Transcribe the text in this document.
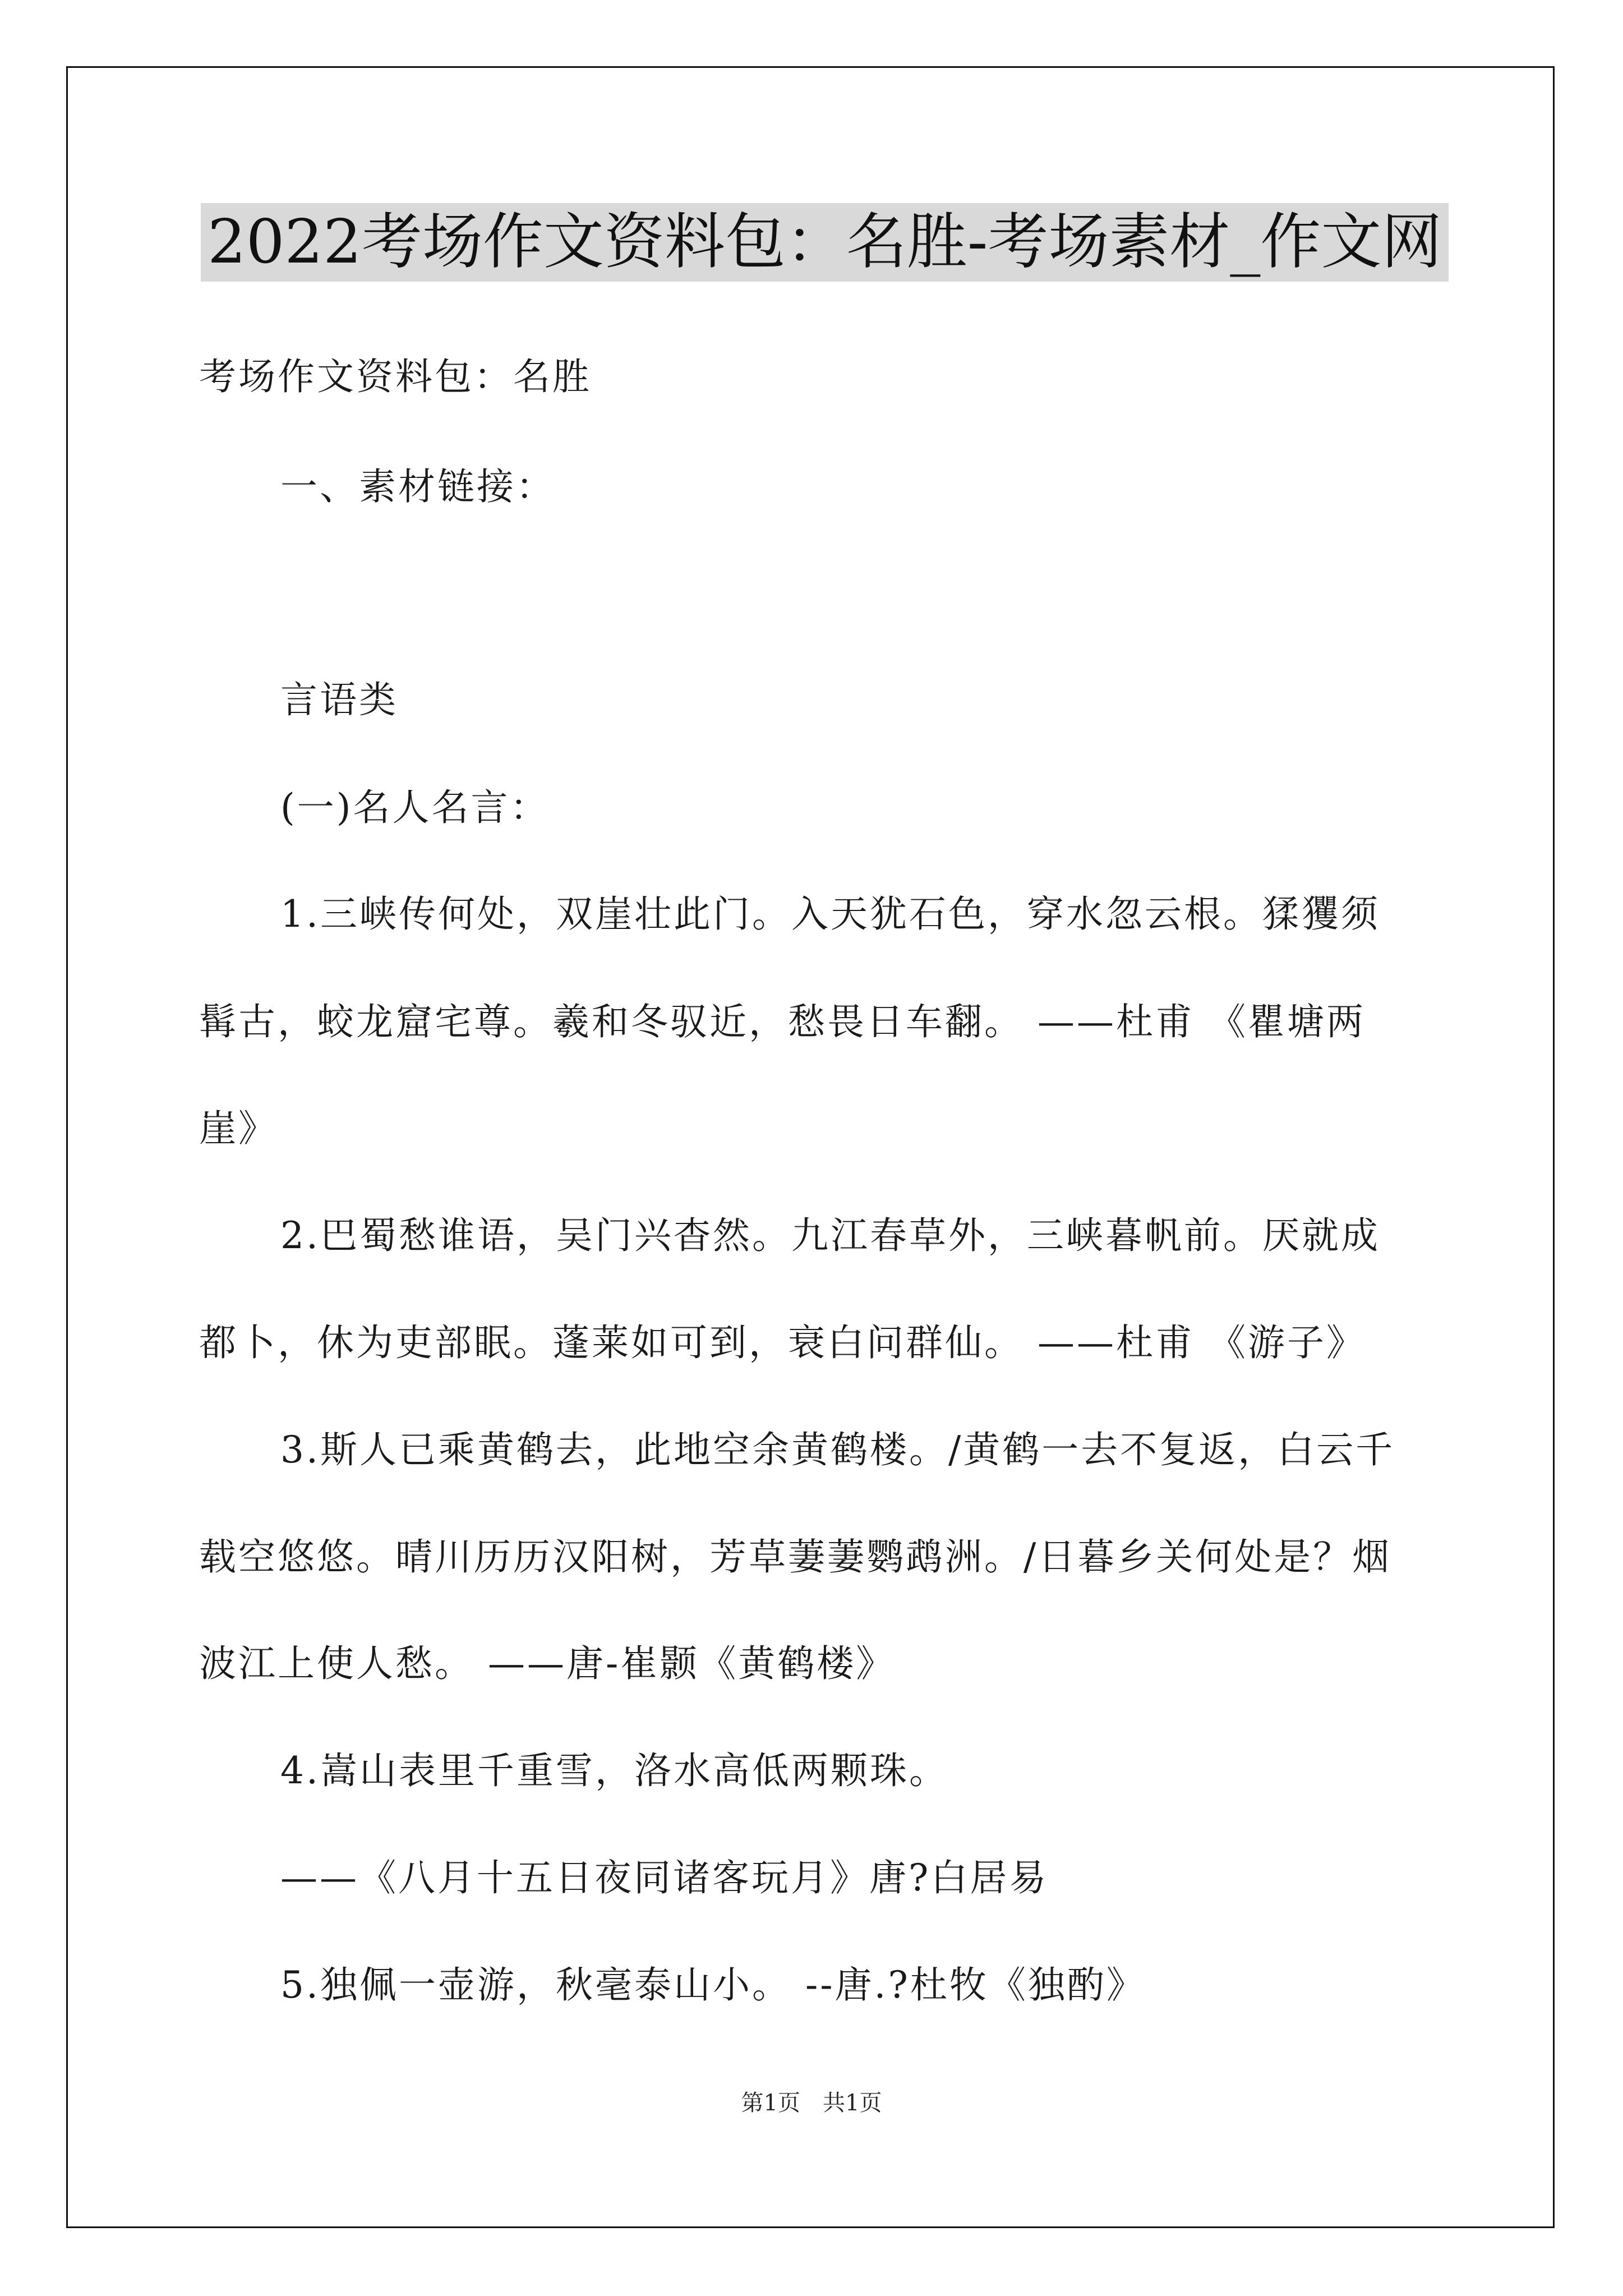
2022考场作文资料包：名胜-考场素材_作文网
考场作文资料包：名胜
一、素材链接：
言语类
(一)名人名言：
1.三峡传何处，双崖壮此门。入天犹石色，穿水忽云根。猱玃须
髯古，蛟龙窟宅尊。羲和冬驭近，愁畏日车翻。 ——杜甫 《瞿塘两
崖》
2.巴蜀愁谁语，吴门兴杳然。九江春草外，三峡暮帆前。厌就成
都卜，休为吏部眠。蓬莱如可到，衰白问群仙。 ——杜甫 《游子》
3.斯人已乘黄鹤去，此地空余黄鹤楼。/黄鹤一去不复返，白云千
载空悠悠。晴川历历汉阳树，芳草萋萋鹦鹉洲。/日暮乡关何处是？烟
波江上使人愁。 ——唐-崔颢《黄鹤楼》
4.嵩山表里千重雪，洛水高低两颗珠。
——《八月十五日夜同诸客玩月》唐?白居易
5.独佩一壶游，秋毫泰山小。 --唐.?杜牧《独酌》
第1页　共1页
